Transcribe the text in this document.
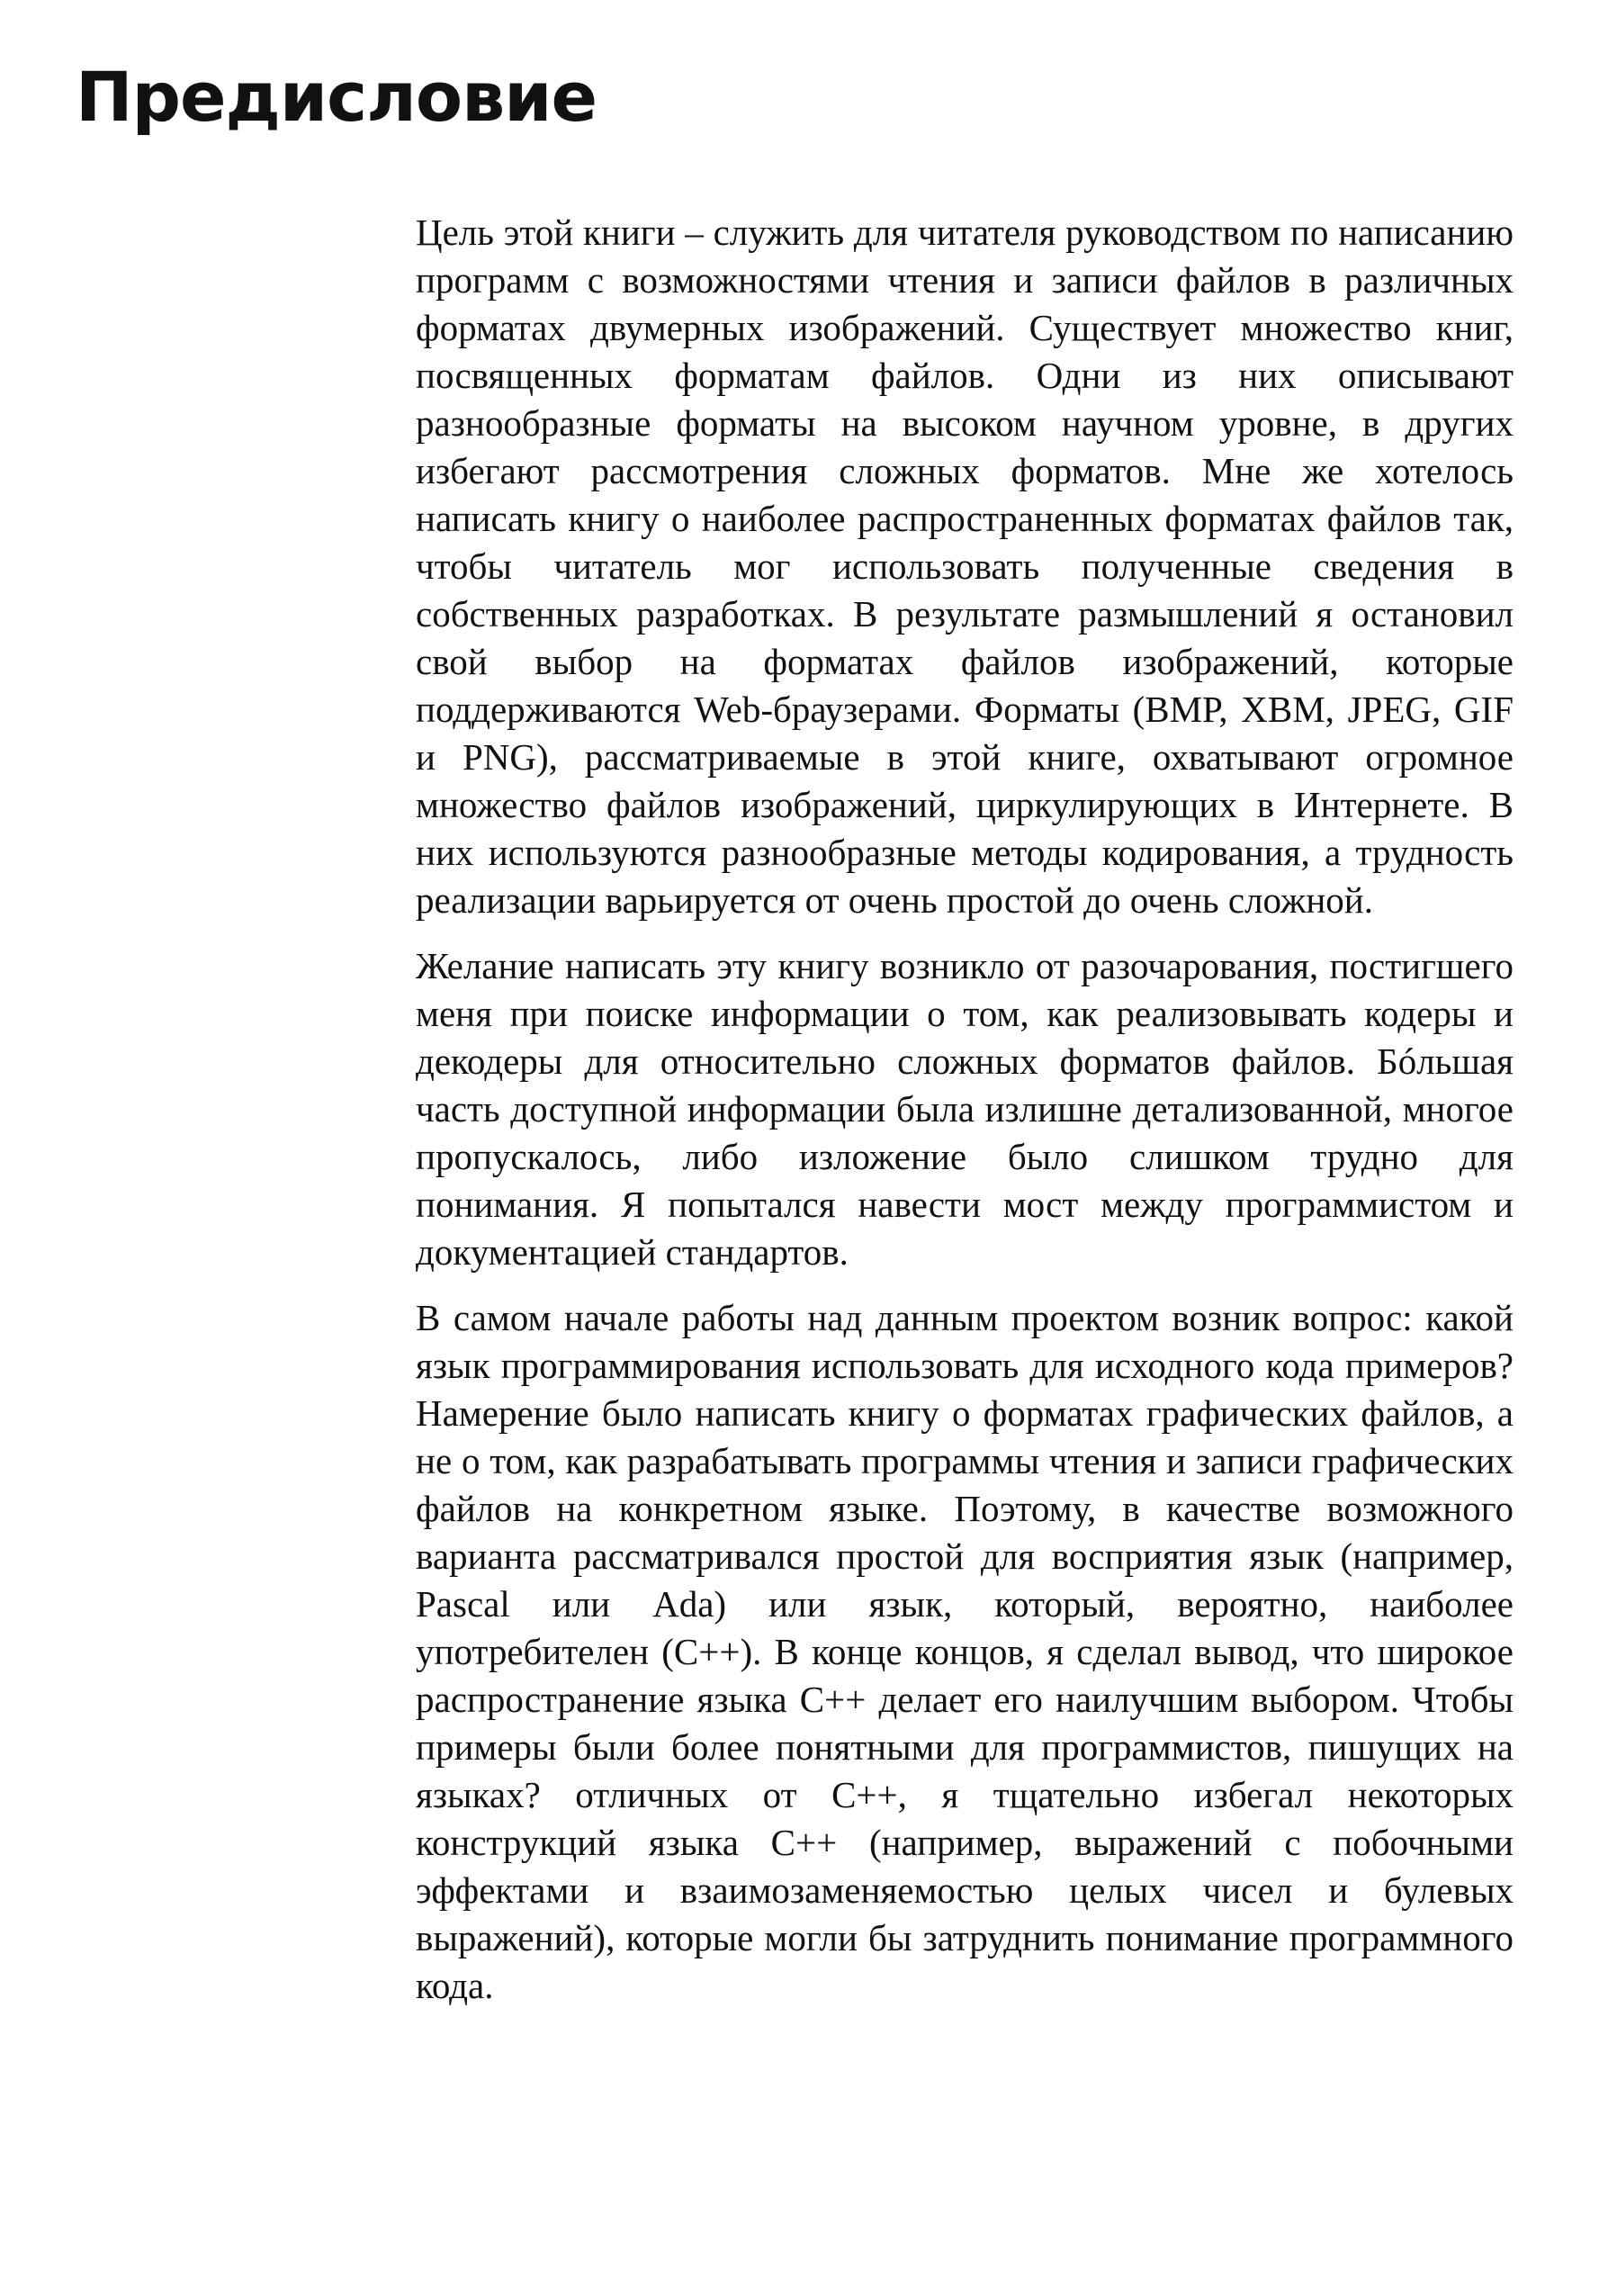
Предисловие

Цель этой книги – служить для читателя руководством по написанию программ с возможностями чтения и записи файлов в различных форматах двумерных изображений. Существует множество книг, посвященных форматам файлов. Одни из них описывают разнообразные форматы на высоком научном уровне, в других избегают рассмотрения сложных форматов. Мне же хотелось написать книгу о наиболее распространенных форматах файлов так, чтобы читатель мог использовать полученные сведения в собственных разработках. В результате размышлений я остановил свой выбор на форматах файлов изображений, которые поддерживаются Web-браузерами. Форматы (BMP, XBM, JPEG, GIF и PNG), рассматриваемые в этой книге, охватывают огромное множество файлов изображений, циркулирующих в Интернете. В них используются разнообразные методы кодирования, а трудность реализации варьируется от очень простой до очень сложной.

Желание написать эту книгу возникло от разочарования, постигшего меня при поиске информации о том, как реализовывать кодеры и декодеры для относительно сложных форматов файлов. Бóльшая часть доступной информации была излишне детализованной, многое пропускалось, либо изложение было слишком трудно для понимания. Я попытался навести мост между программистом и документацией стандартов.

В самом начале работы над данным проектом возник вопрос: какой язык программирования использовать для исходного кода примеров? Намерение было написать книгу о форматах графических файлов, а не о том, как разрабатывать программы чтения и записи графических файлов на конкретном языке. Поэтому, в качестве возможного варианта рассматривался простой для восприятия язык (например, Pascal или Ada) или язык, который, вероятно, наиболее употребителен (C++). В конце концов, я сделал вывод, что широкое распространение языка C++ делает его наилучшим выбором. Чтобы примеры были более понятными для программистов, пишущих на языках? отличных от C++, я тщательно избегал некоторых конструкций языка C++ (например, выражений с побочными эффектами и взаимозаменяемостью целых чисел и булевых выражений), которые могли бы затруднить понимание программного кода.
